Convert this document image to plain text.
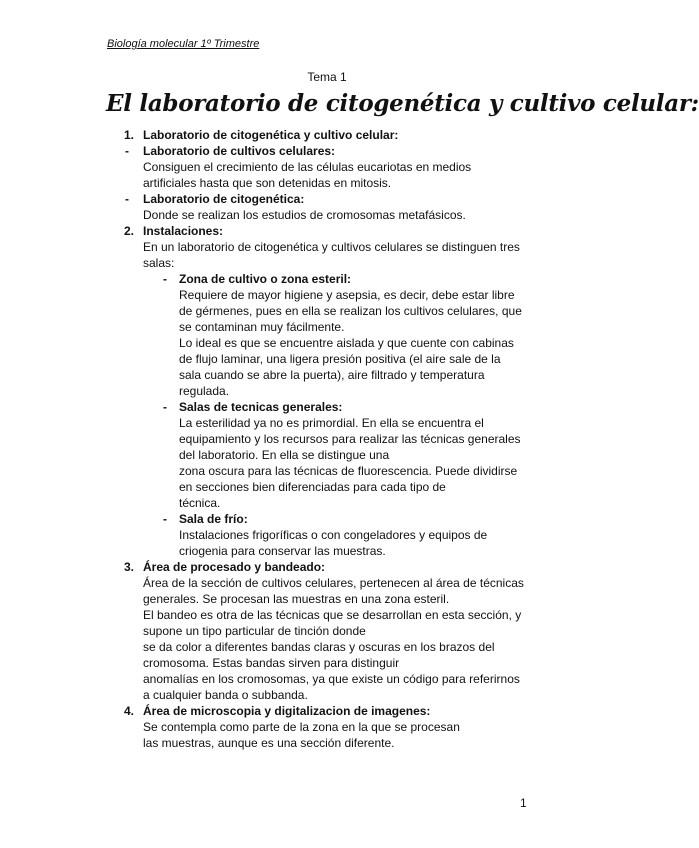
Biología molecular 1º Trimestre
Tema 1
El laboratorio de citogenética y cultivo celular:
1. Laboratorio de citogenética y cultivo celular:
- Laboratorio de cultivos celulares:
Consiguen el crecimiento de las células eucariotas en medios
artificiales hasta que son detenidas en mitosis.
- Laboratorio de citogenética:
Donde se realizan los estudios de cromosomas metafásicos.
2. Instalaciones:
En un laboratorio de citogenética y cultivos celulares se distinguen tres
salas:
- Zona de cultivo o zona esteril:
Requiere de mayor higiene y asepsia, es decir, debe estar libre
de gérmenes, pues en ella se realizan los cultivos celulares, que
se contaminan muy fácilmente.
Lo ideal es que se encuentre aislada y que cuente con cabinas
de flujo laminar, una ligera presión positiva (el aire sale de la
sala cuando se abre la puerta), aire filtrado y temperatura
regulada.
- Salas de tecnicas generales:
La esterilidad ya no es primordial. En ella se encuentra el
equipamiento y los recursos para realizar las técnicas generales
del laboratorio. En ella se distingue una
zona oscura para las técnicas de fluorescencia. Puede dividirse
en secciones bien diferenciadas para cada tipo de
técnica.
- Sala de frío:
Instalaciones frigoríficas o con congeladores y equipos de
criogenia para conservar las muestras.
3. Área de procesado y bandeado:
Área de la sección de cultivos celulares, pertenecen al área de técnicas
generales. Se procesan las muestras en una zona esteril.
El bandeo es otra de las técnicas que se desarrollan en esta sección, y
supone un tipo particular de tinción donde
se da color a diferentes bandas claras y oscuras en los brazos del
cromosoma. Estas bandas sirven para distinguir
anomalías en los cromosomas, ya que existe un código para referirnos
a cualquier banda o subbanda.
4. Área de microscopia y digitalizacion de imagenes:
Se contempla como parte de la zona en la que se procesan
las muestras, aunque es una sección diferente.
1
